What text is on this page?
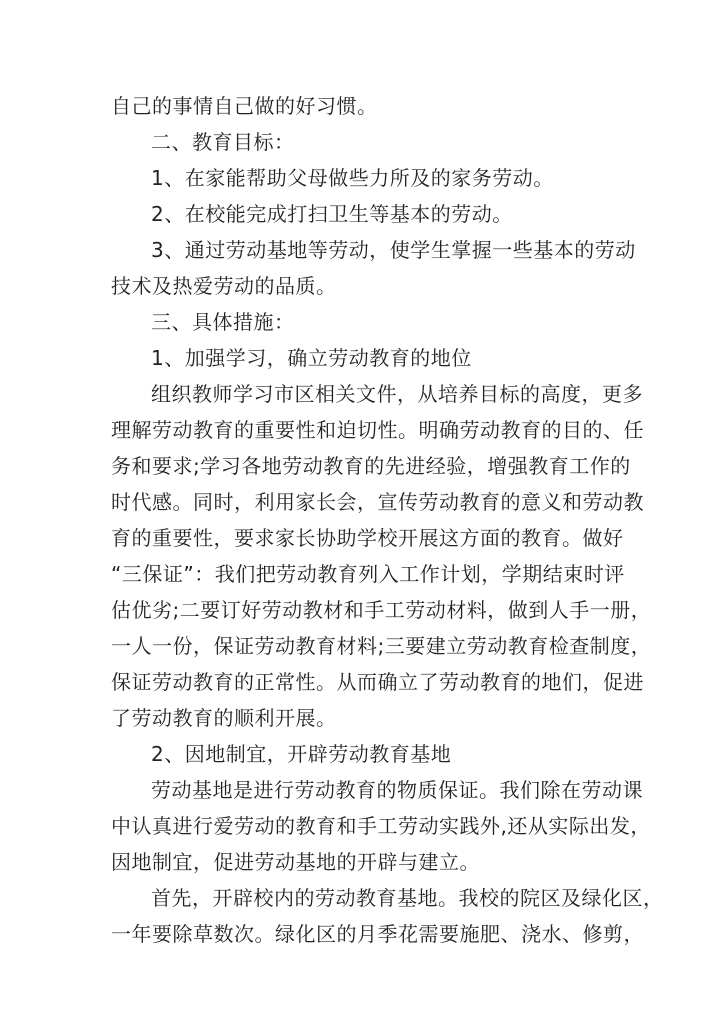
自己的事情自己做的好习惯。
二、教育目标：
1、在家能帮助父母做些力所及的家务劳动。
2、在校能完成打扫卫生等基本的劳动。
3、通过劳动基地等劳动，使学生掌握一些基本的劳动
技术及热爱劳动的品质。
三、具体措施：
1、加强学习，确立劳动教育的地位
组织教师学习市区相关文件，从培养目标的高度，更多
理解劳动教育的重要性和迫切性。明确劳动教育的目的、任
务和要求;学习各地劳动教育的先进经验，增强教育工作的
时代感。同时，利用家长会，宣传劳动教育的意义和劳动教
育的重要性，要求家长协助学校开展这方面的教育。做好
“三保证”：我们把劳动教育列入工作计划，学期结束时评
估优劣;二要订好劳动教材和手工劳动材料，做到人手一册，
一人一份，保证劳动教育材料;三要建立劳动教育检查制度，
保证劳动教育的正常性。从而确立了劳动教育的地们，促进
了劳动教育的顺利开展。
2、因地制宜，开辟劳动教育基地
劳动基地是进行劳动教育的物质保证。我们除在劳动课
中认真进行爱劳动的教育和手工劳动实践外,还从实际出发，
因地制宜，促进劳动基地的开辟与建立。
首先，开辟校内的劳动教育基地。我校的院区及绿化区，
一年要除草数次。绿化区的月季花需要施肥、浇水、修剪，
